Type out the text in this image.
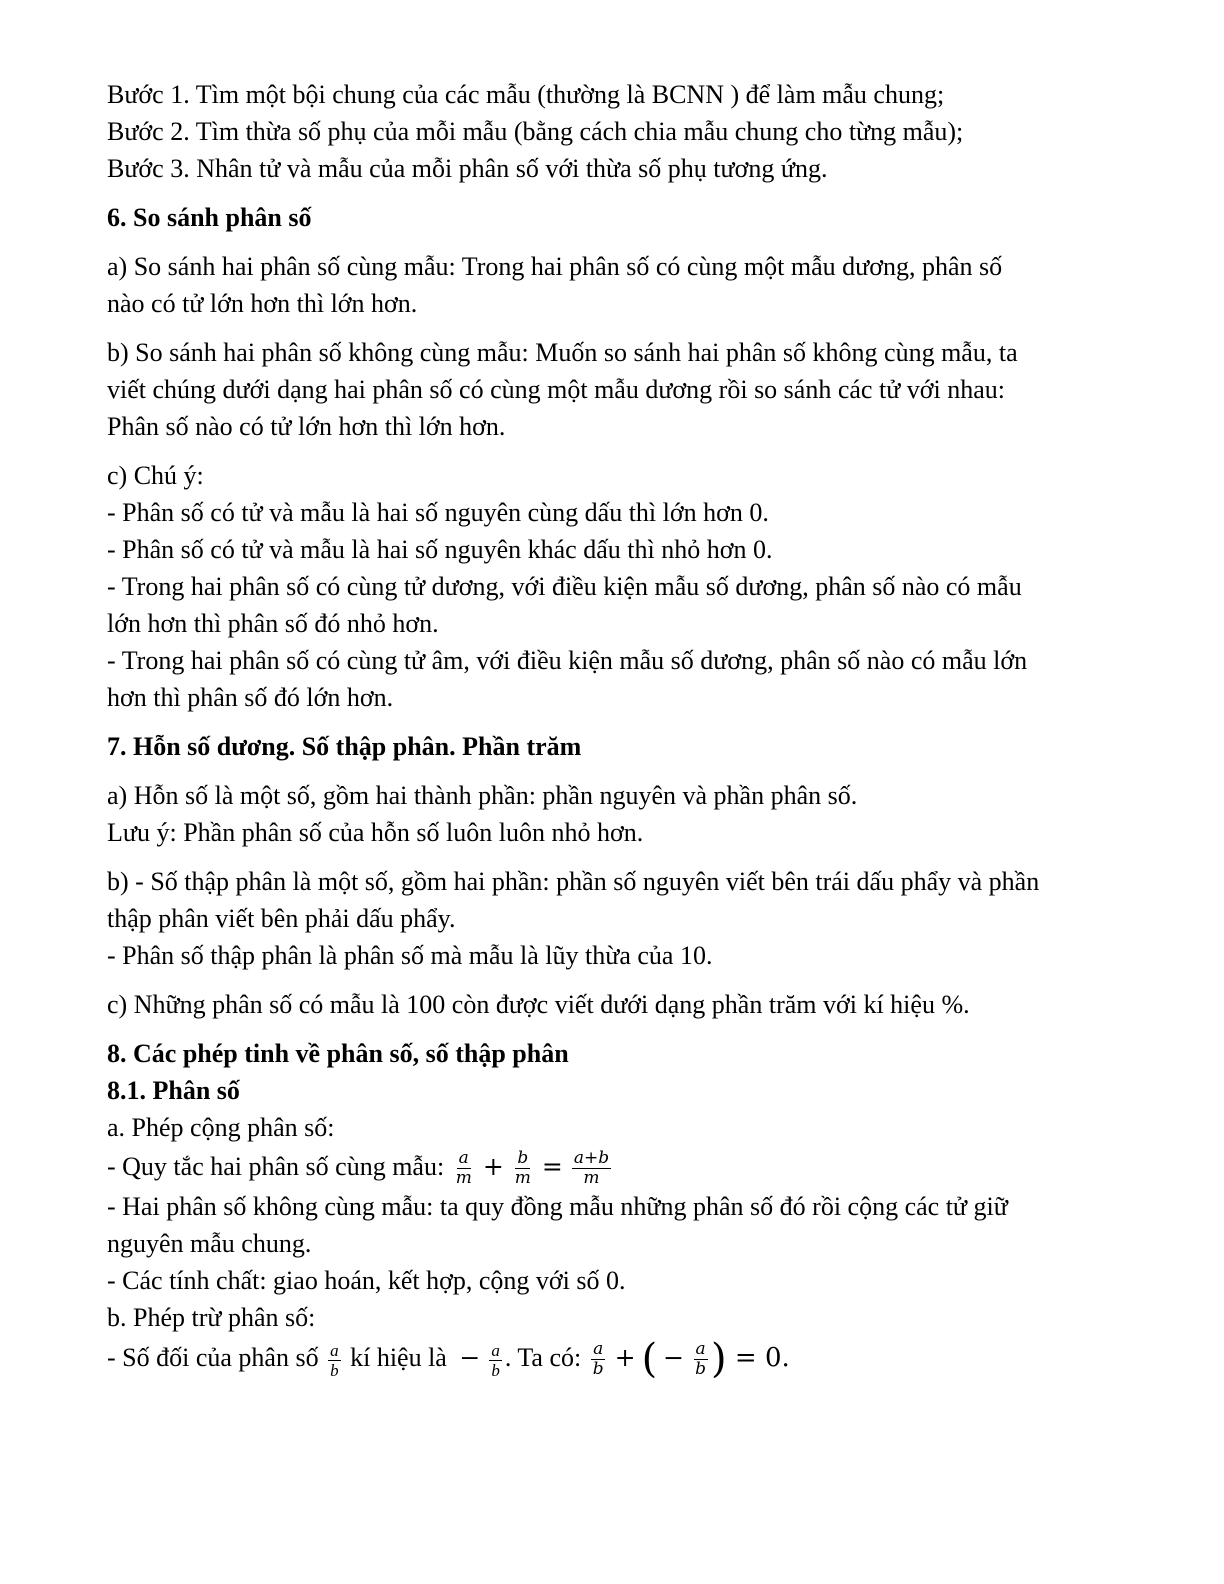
Bước 1. Tìm một bội chung của các mẫu (thường là BCNN ) để làm mẫu chung;
Bước 2. Tìm thừa số phụ của mỗi mẫu (bằng cách chia mẫu chung cho từng mẫu);
Bước 3. Nhân tử và mẫu của mỗi phân số với thừa số phụ tương ứng.
6. So sánh phân số
a) So sánh hai phân số cùng mẫu: Trong hai phân số có cùng một mẫu dương, phân số
nào có tử lớn hơn thì lớn hơn.
b) So sánh hai phân số không cùng mẫu: Muốn so sánh hai phân số không cùng mẫu, ta
viết chúng dưới dạng hai phân số có cùng một mẫu dương rồi so sánh các tử với nhau:
Phân số nào có tử lớn hơn thì lớn hơn.
c) Chú ý:
- Phân số có tử và mẫu là hai số nguyên cùng dấu thì lớn hơn 0.
- Phân số có tử và mẫu là hai số nguyên khác dấu thì nhỏ hơn 0.
- Trong hai phân số có cùng tử dương, với điều kiện mẫu số dương, phân số nào có mẫu
lớn hơn thì phân số đó nhỏ hơn.
- Trong hai phân số có cùng tử âm, với điều kiện mẫu số dương, phân số nào có mẫu lớn
hơn thì phân số đó lớn hơn.
7. Hỗn số dương. Số thập phân. Phần trăm
a) Hỗn số là một số, gồm hai thành phần: phần nguyên và phần phân số.
Lưu ý: Phần phân số của hỗn số luôn luôn nhỏ hơn.
b) - Số thập phân là một số, gồm hai phần: phần số nguyên viết bên trái dấu phẩy và phần
thập phân viết bên phải dấu phẩy.
- Phân số thập phân là phân số mà mẫu là lũy thừa của 10.
c) Những phân số có mẫu là 100 còn được viết dưới dạng phần trăm với kí hiệu %.
8. Các phép tinh về phân số, số thập phân
8.1. Phân số
a. Phép cộng phân số:
- Quy tắc hai phân số cùng mẫu: $\frac{a}{m} + \frac{b}{m} = \frac{a+b}{m}$
- Hai phân số không cùng mẫu: ta quy đồng mẫu những phân số đó rồi cộng các tử giữ
nguyên mẫu chung.
- Các tính chất: giao hoán, kết hợp, cộng với số 0.
b. Phép trừ phân số:
- Số đối của phân số $\frac{a}{b}$ kí hiệu là − $\frac{a}{b}$ . Ta có: $\frac{a}{b}$ + ( − $\frac{a}{b}$ ) = 0.
